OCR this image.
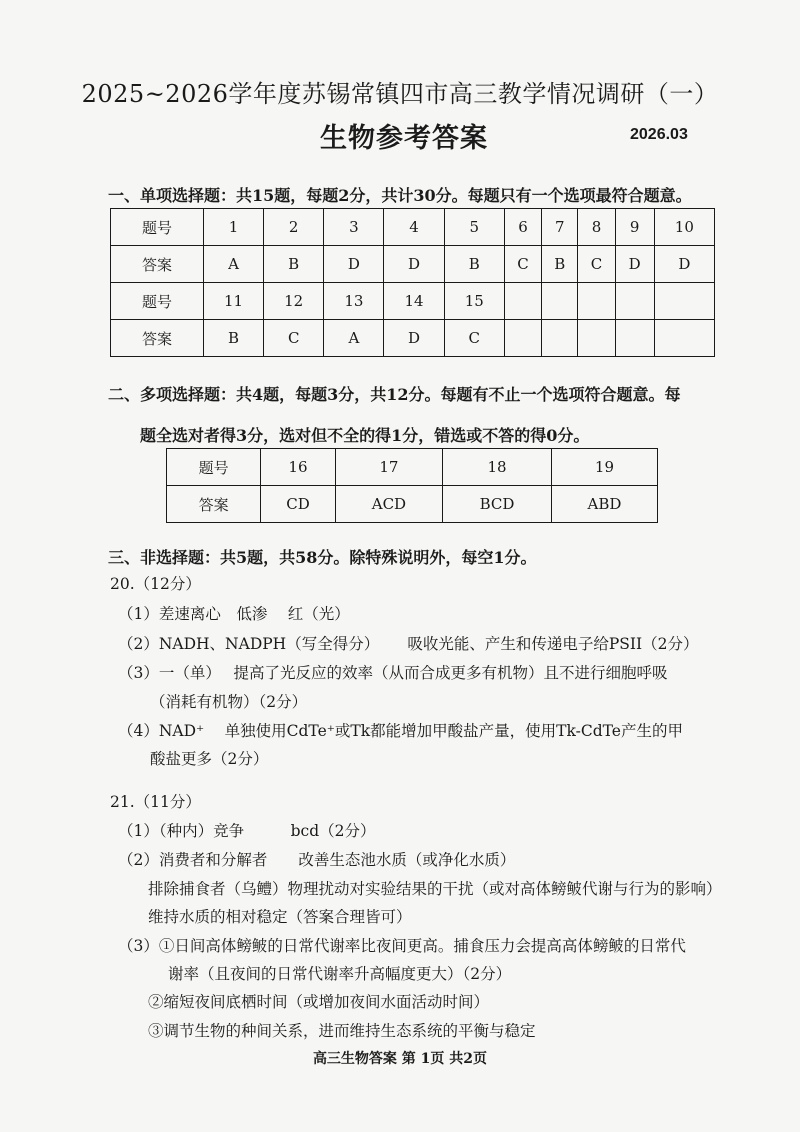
2025~2026学年度苏锡常镇四市高三教学情况调研（一）
生物参考答案	2026.03
一、单项选择题：共15题，每题2分，共计30分。每题只有一个选项最符合题意。
题号	1	2	3	4	5	6	7	8	9	10
答案	A	B	D	D	B	C	B	C	D	D
题号	11	12	13	14	15					
答案	B	C	A	D	C					
二、多项选择题：共4题，每题3分，共12分。每题有不止一个选项符合题意。每
题全选对者得3分，选对但不全的得1分，错选或不答的得0分。
题号	16	17	18	19
答案	CD	ACD	BCD	ABD
三、非选择题：共5题，共58分。除特殊说明外，每空1分。
20.（12分）
（1）差速离心　低渗　 红（光）
（2）NADH、NADPH（写全得分）　　 吸收光能、产生和传递电子给PSII（2分）
（3）一（单）　 提高了光反应的效率（从而合成更多有机物）且不进行细胞呼吸
（消耗有机物）（2分）
（4）NAD⁺　 单独使用CdTe⁺或Tk都能增加甲酸盐产量，使用Tk-CdTe产生的甲
酸盐更多（2分）
21.（11分）
（1）（种内）竞争　　　bcd（2分）
（2）消费者和分解者　　改善生态池水质（或净化水质）
排除捕食者（乌鳢）物理扰动对实验结果的干扰（或对高体鳑鲏代谢与行为的影响）
维持水质的相对稳定（答案合理皆可）
（3）①日间高体鳑鲏的日常代谢率比夜间更高。捕食压力会提高高体鳑鲏的日常代
谢率（且夜间的日常代谢率升高幅度更大）（2分）
②缩短夜间底栖时间（或增加夜间水面活动时间）
③调节生物的种间关系，进而维持生态系统的平衡与稳定
高三生物答案 第 1页 共2页
